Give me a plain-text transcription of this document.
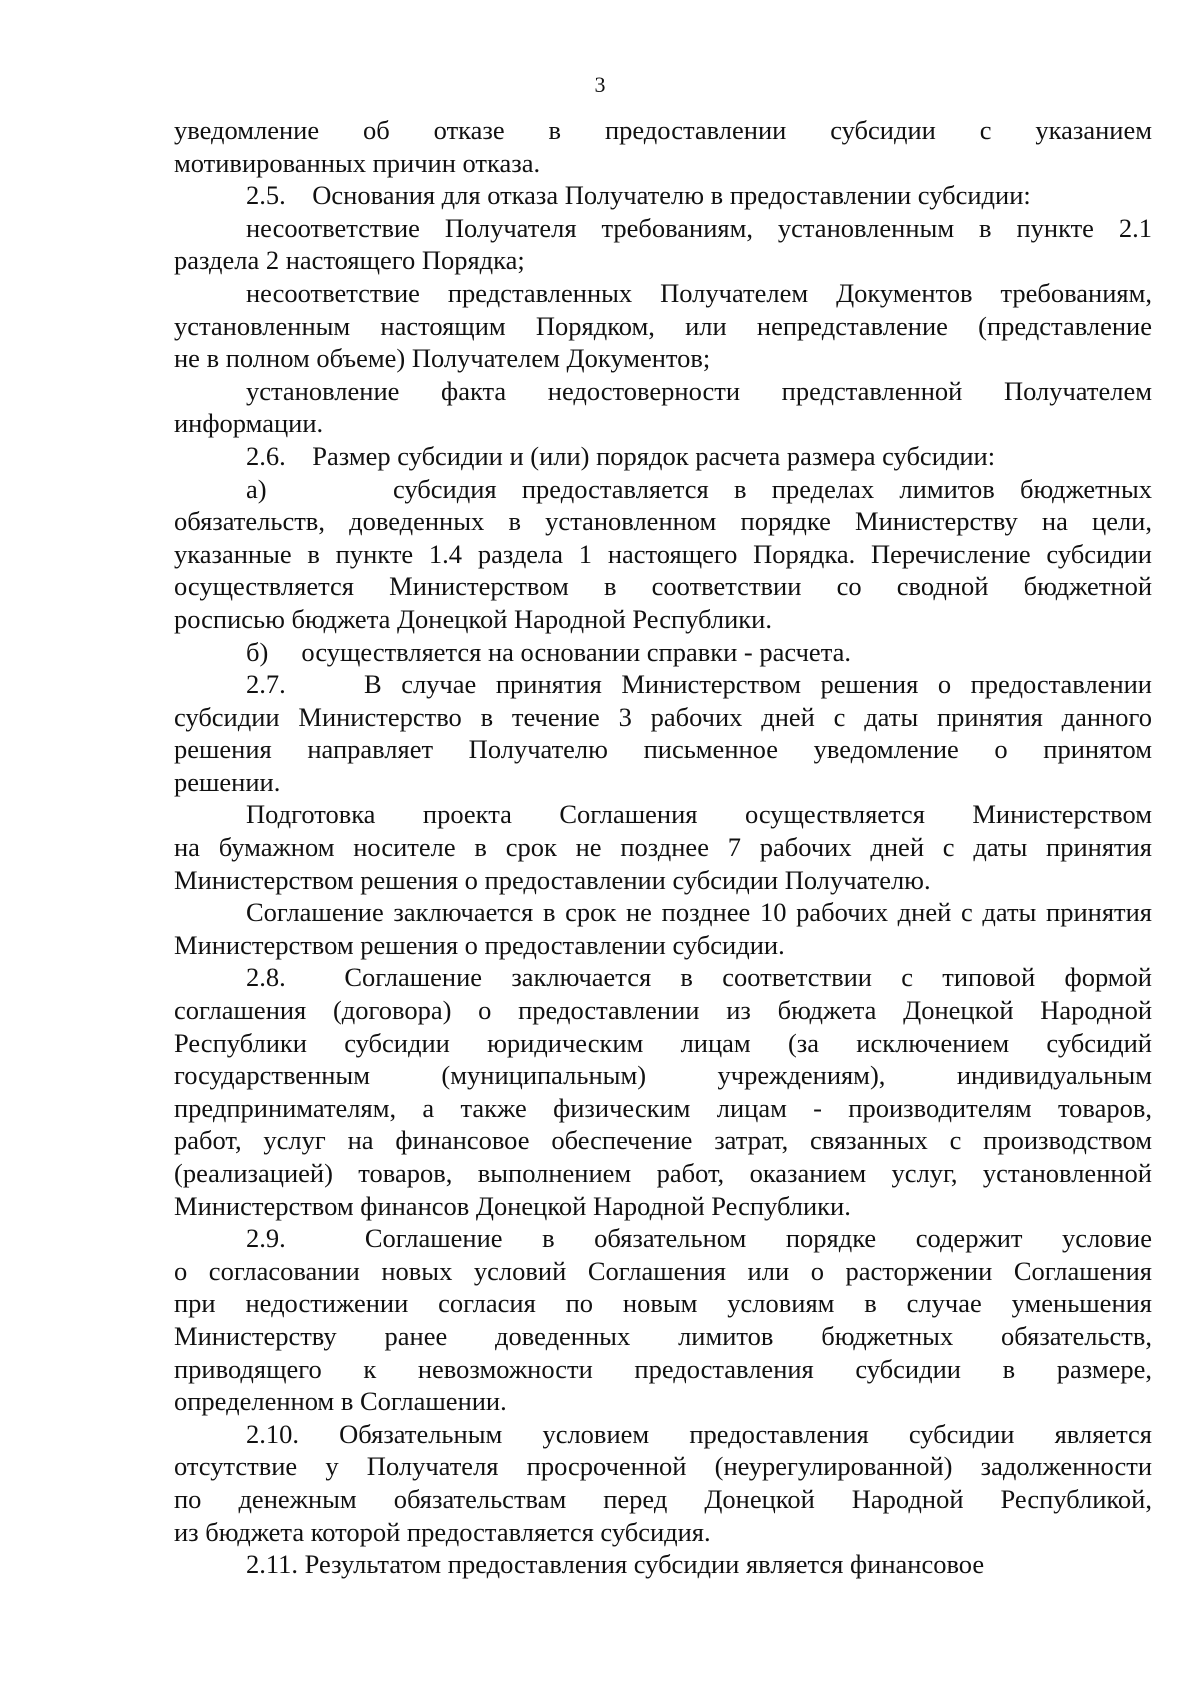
3

уведомление об отказе в предоставлении субсидии с указанием

мотивированных причин отказа.

2.5.    Основания для отказа Получателю в предоставлении субсидии:

несоответствие Получателя требованиям, установленным в пункте 2.1

раздела 2 настоящего Порядка;

несоответствие представленных Получателем Документов требованиям,

установленным настоящим Порядком, или непредставление (представление

не в полном объеме) Получателем Документов;

установление факта недостоверности представленной Получателем

информации.

2.6.    Размер субсидии и (или) порядок расчета размера субсидии:

а)     субсидия предоставляется в пределах лимитов бюджетных

обязательств, доведенных в установленном порядке Министерству на цели,

указанные в пункте 1.4 раздела 1 настоящего Порядка. Перечисление субсидии

осуществляется Министерством в соответствии со сводной бюджетной

росписью бюджета Донецкой Народной Республики.

б)     осуществляется на основании справки - расчета.

2.7.    В случае принятия Министерством решения о предоставлении

субсидии Министерство в течение 3 рабочих дней с даты принятия данного

решения направляет Получателю письменное уведомление о принятом

решении.

Подготовка проекта Соглашения осуществляется Министерством

на бумажном носителе в срок не позднее 7 рабочих дней с даты принятия

Министерством решения о предоставлении субсидии Получателю.

Соглашение заключается в срок не позднее 10 рабочих дней с даты принятия

Министерством решения о предоставлении субсидии.

2.8.  Соглашение заключается в соответствии с типовой формой

соглашения (договора) о предоставлении из бюджета Донецкой Народной

Республики субсидии юридическим лицам (за исключением субсидий

государственным (муниципальным) учреждениям), индивидуальным

предпринимателям, а также физическим лицам - производителям товаров,

работ, услуг на финансовое обеспечение затрат, связанных с производством

(реализацией) товаров, выполнением работ, оказанием услуг, установленной

Министерством финансов Донецкой Народной Республики.

2.9.  Соглашение в обязательном порядке содержит условие

о согласовании новых условий Соглашения или о расторжении Соглашения

при недостижении согласия по новым условиям в случае уменьшения

Министерству ранее доведенных лимитов бюджетных обязательств,

приводящего к невозможности предоставления субсидии в размере,

определенном в Соглашении.

2.10. Обязательным условием предоставления субсидии является

отсутствие у Получателя просроченной (неурегулированной) задолженности

по денежным обязательствам перед Донецкой Народной Республикой,

из бюджета которой предоставляется субсидия.

2.11. Результатом предоставления субсидии является финансовое
